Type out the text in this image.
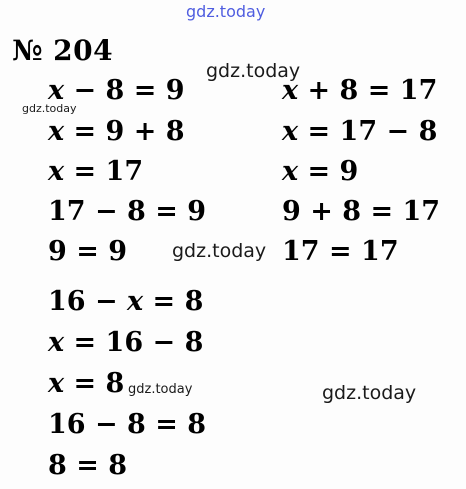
gdz.today
№ 204
x − 8 = 9
x = 9 + 8
x = 17
17 − 8 = 9
9 = 9
16 − x = 8
x = 16 − 8
x = 8
16 − 8 = 8
8 = 8
x + 8 = 17
x = 17 − 8
x = 9
9 + 8 = 17
17 = 17
gdz.today
gdz.today
gdz.today
gdz.today	gdz.today
